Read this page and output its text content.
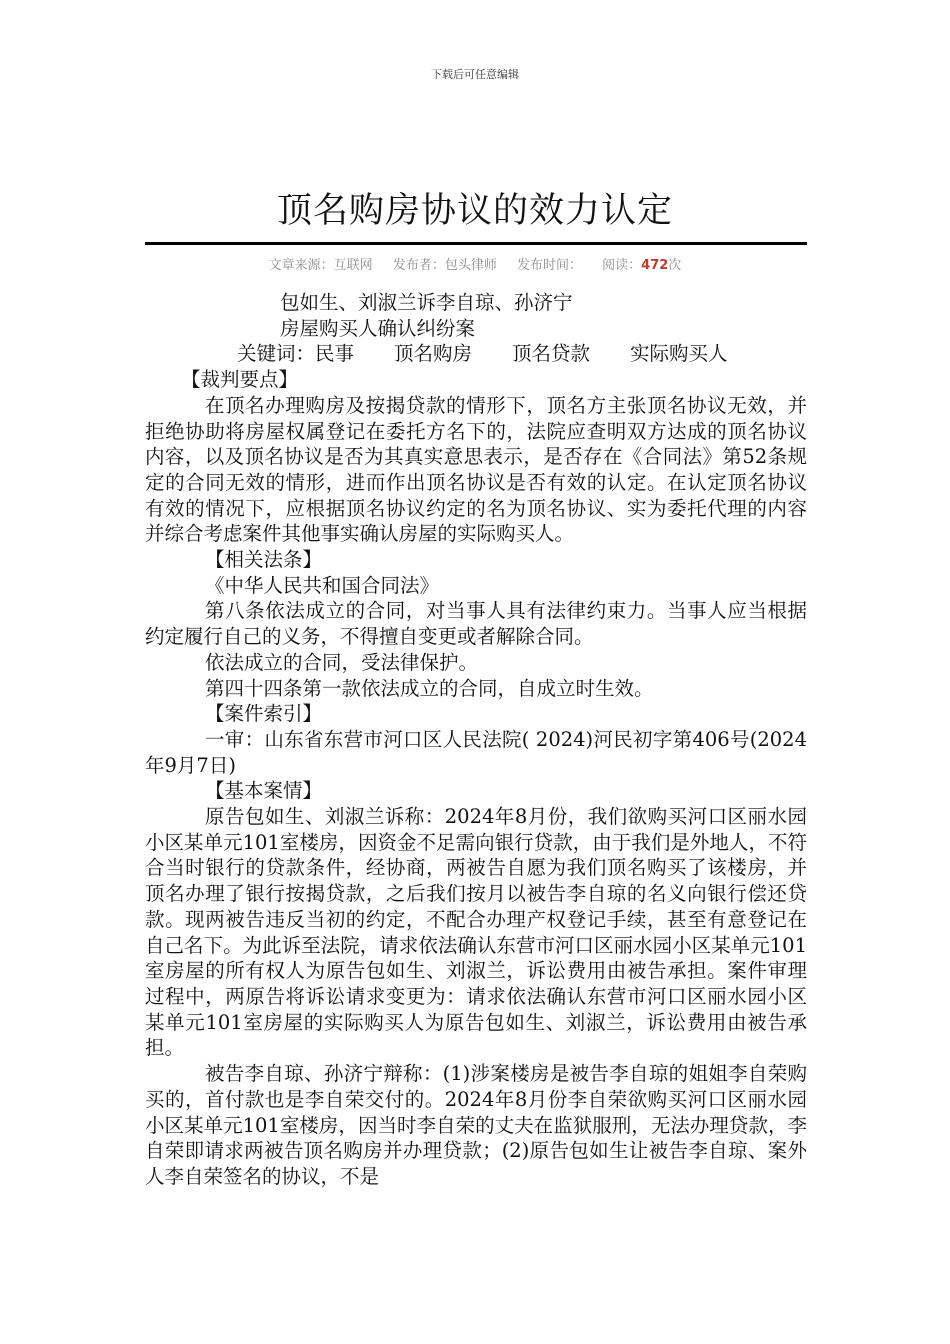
下载后可任意编辑
顶名购房协议的效力认定
文章来源：互联网 发布者：包头律师 发布时间： 阅读：472次

包如生、刘淑兰诉李自琼、孙济宁

房屋购买人确认纠纷案

关键词：民事 顶名购房 顶名贷款 实际购买人

【裁判要点】

在顶名办理购房及按揭贷款的情形下，顶名方主张顶名协议无效，并拒绝协助将房屋权属登记在委托方名下的，法院应查明双方达成的顶名协议内容，以及顶名协议是否为其真实意思表示，是否存在《合同法》第52条规定的合同无效的情形，进而作出顶名协议是否有效的认定。在认定顶名协议有效的情况下，应根据顶名协议约定的名为顶名协议、实为委托代理的内容并综合考虑案件其他事实确认房屋的实际购买人。

【相关法条】

《中华人民共和国合同法》

第八条依法成立的合同，对当事人具有法律约束力。当事人应当根据约定履行自己的义务，不得擅自变更或者解除合同。

依法成立的合同，受法律保护。

第四十四条第一款依法成立的合同，自成立时生效。

【案件索引】

一审：山东省东营市河口区人民法院( 2024)河民初字第406号(2024年9月7日)

【基本案情】

原告包如生、刘淑兰诉称：2024年8月份，我们欲购买河口区丽水园小区某单元101室楼房，因资金不足需向银行贷款，由于我们是外地人，不符合当时银行的贷款条件，经协商，两被告自愿为我们顶名购买了该楼房，并顶名办理了银行按揭贷款，之后我们按月以被告李自琼的名义向银行偿还贷款。现两被告违反当初的约定，不配合办理产权登记手续，甚至有意登记在自己名下。为此诉至法院，请求依法确认东营市河口区丽水园小区某单元101室房屋的所有权人为原告包如生、刘淑兰，诉讼费用由被告承担。案件审理过程中，两原告将诉讼请求变更为：请求依法确认东营市河口区丽水园小区某单元101室房屋的实际购买人为原告包如生、刘淑兰，诉讼费用由被告承担。

被告李自琼、孙济宁辩称：(1)涉案楼房是被告李自琼的姐姐李自荣购买的，首付款也是李自荣交付的。2024年8月份李自荣欲购买河口区丽水园小区某单元101室楼房，因当时李自荣的丈夫在监狱服刑，无法办理贷款，李自荣即请求两被告顶名购房并办理贷款；(2)原告包如生让被告李自琼、案外人李自荣签名的协议，不是
